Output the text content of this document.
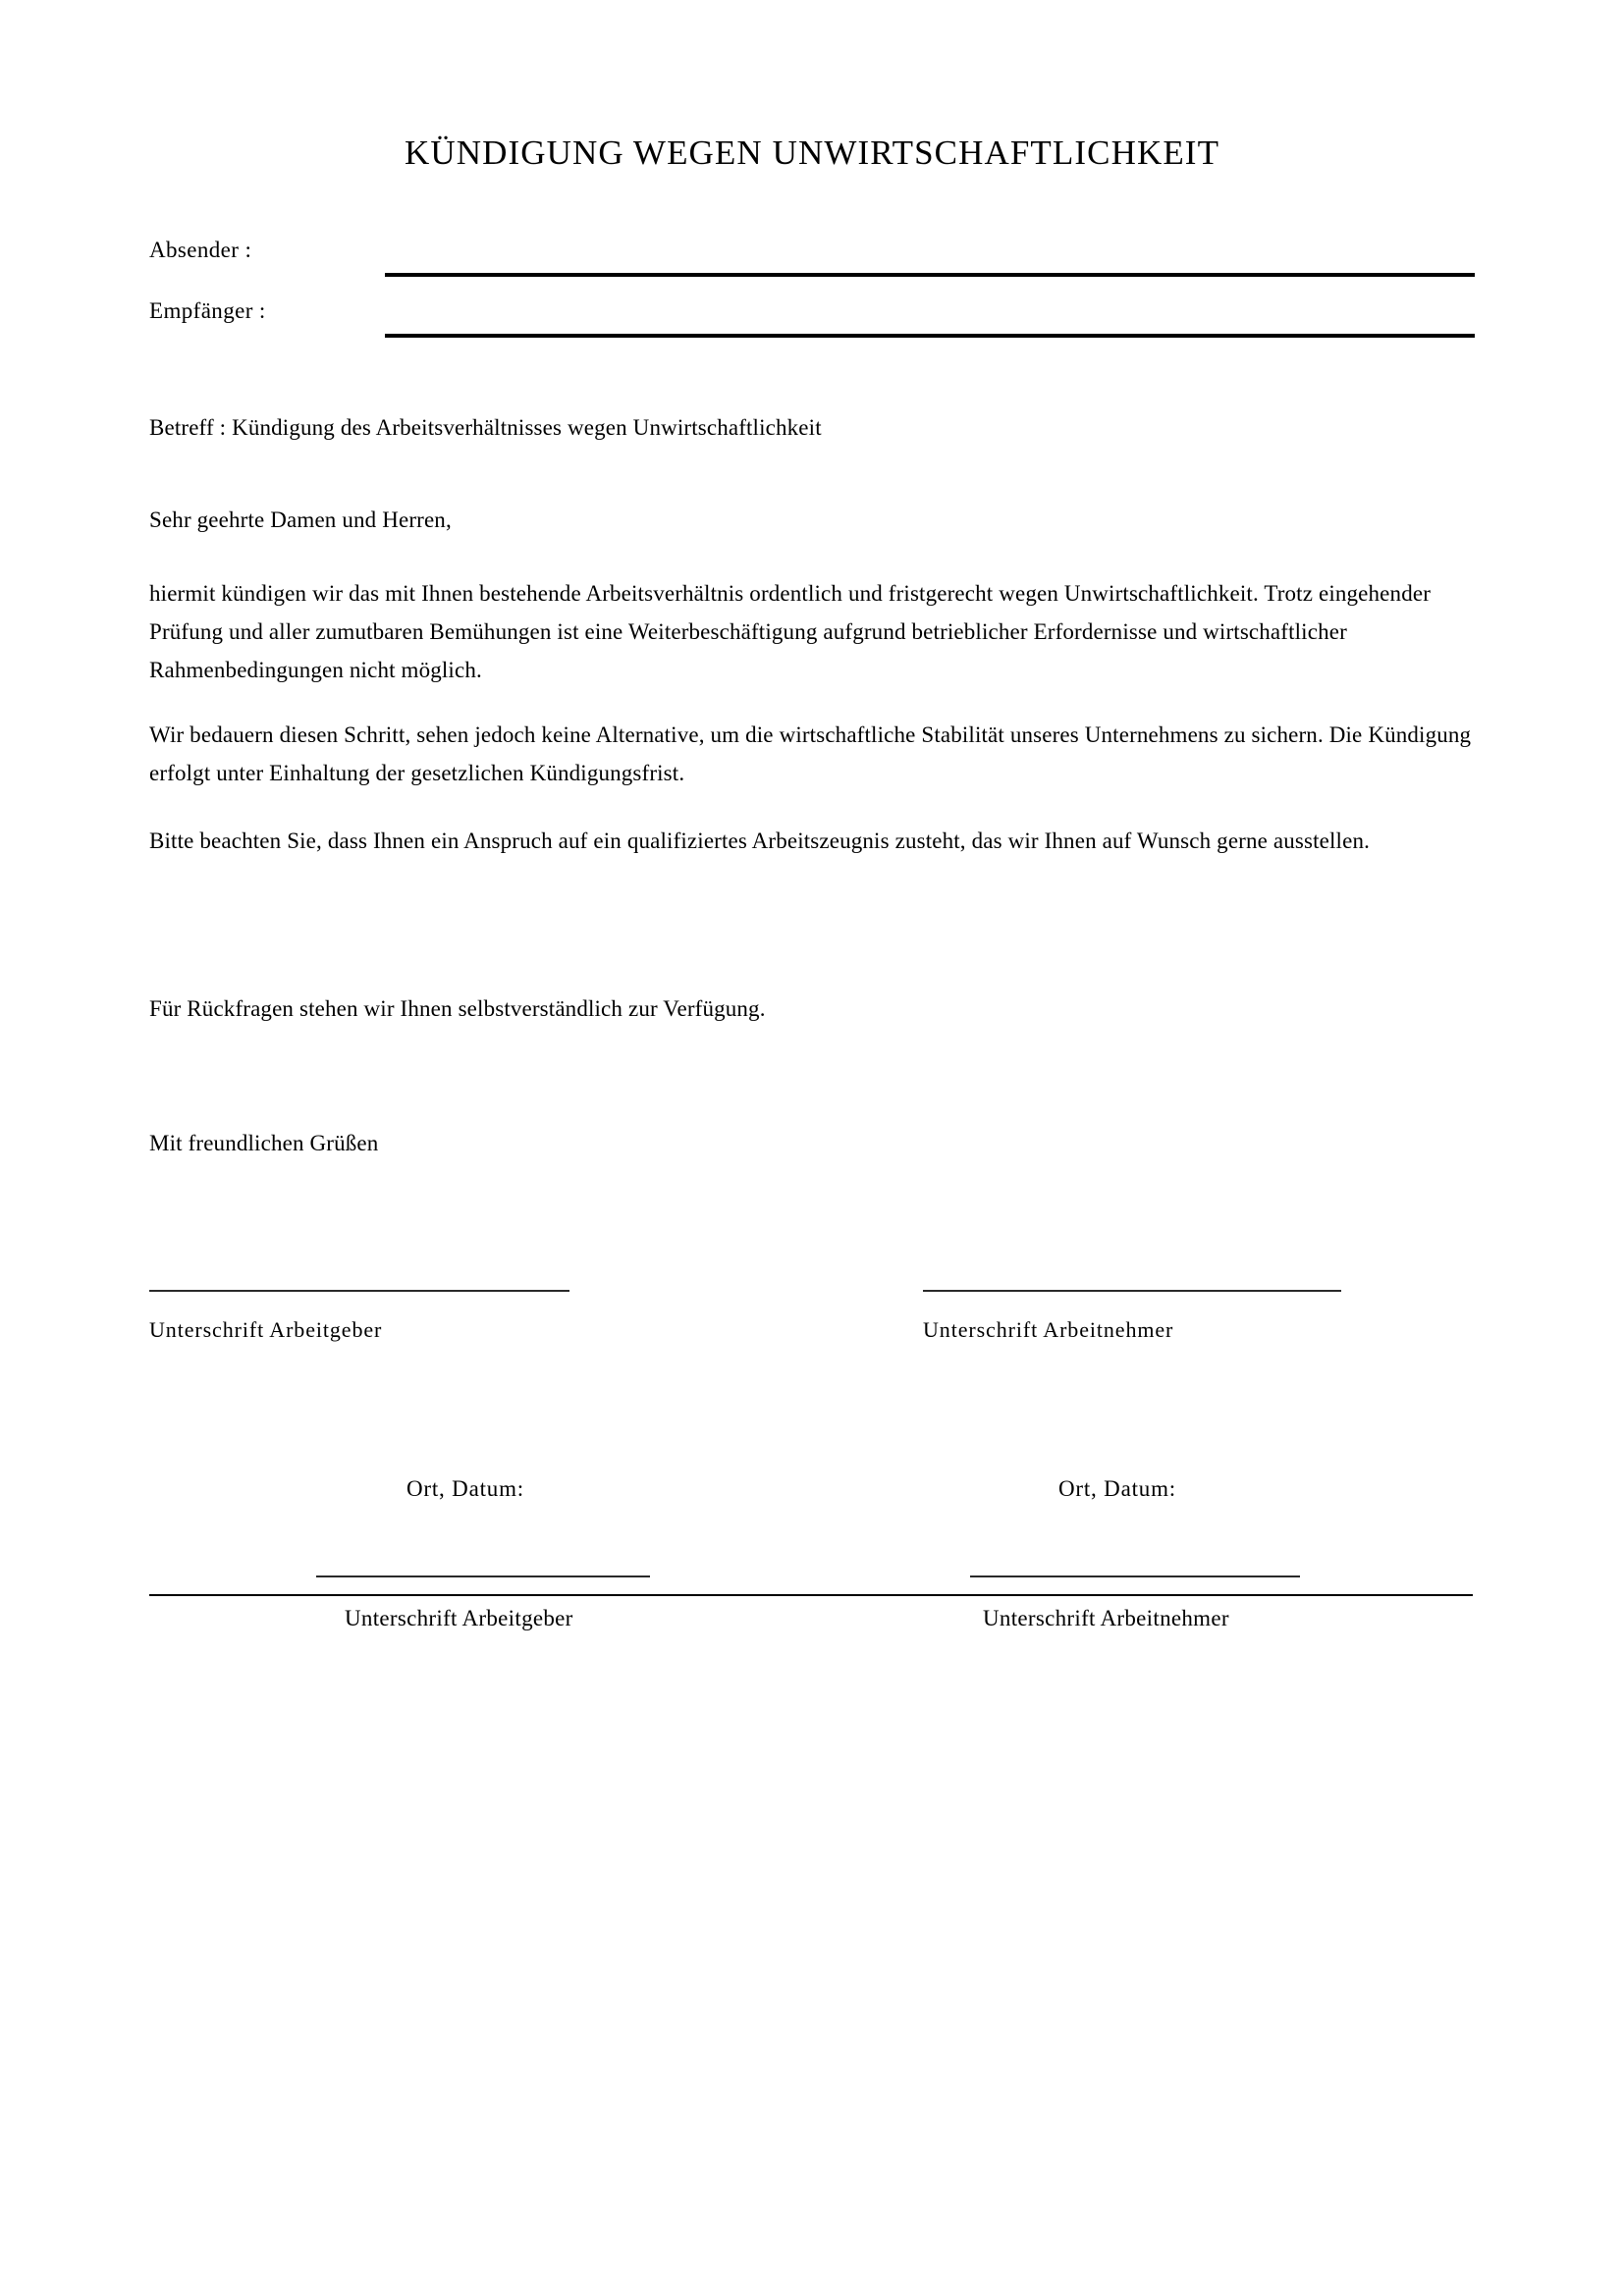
KÜNDIGUNG WEGEN UNWIRTSCHAFTLICHKEIT
Absender :
Empfänger :

Betreff : Kündigung des Arbeitsverhältnisses wegen Unwirtschaftlichkeit

Sehr geehrte Damen und Herren,

hiermit kündigen wir das mit Ihnen bestehende Arbeitsverhältnis ordentlich und fristgerecht wegen Unwirtschaftlichkeit. Trotz eingehender Prüfung und aller zumutbaren Bemühungen ist eine Weiterbeschäftigung aufgrund betrieblicher Erfordernisse und wirtschaftlicher Rahmenbedingungen nicht möglich.

Wir bedauern diesen Schritt, sehen jedoch keine Alternative, um die wirtschaftliche Stabilität unseres Unternehmens zu sichern. Die Kündigung erfolgt unter Einhaltung der gesetzlichen Kündigungsfrist.

Bitte beachten Sie, dass Ihnen ein Anspruch auf ein qualifiziertes Arbeitszeugnis zusteht, das wir Ihnen auf Wunsch gerne ausstellen.

Für Rückfragen stehen wir Ihnen selbstverständlich zur Verfügung.

Mit freundlichen Grüßen

Unterschrift Arbeitgeber	Unterschrift Arbeitnehmer
Ort, Datum:	Ort, Datum:
Unterschrift Arbeitgeber	Unterschrift Arbeitnehmer
